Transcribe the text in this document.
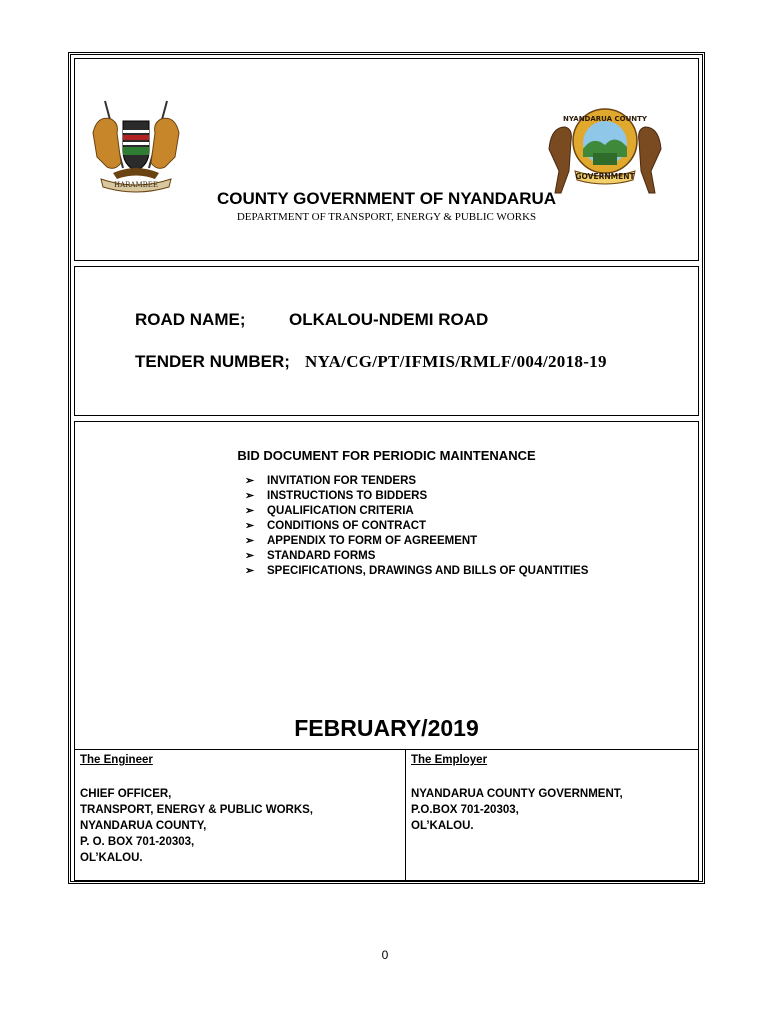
HARAMBEE
NYANDARUA COUNTY
GOVERNMENT
COUNTY GOVERNMENT OF NYANDARUA
DEPARTMENT OF TRANSPORT, ENERGY & PUBLIC WORKS
ROAD NAME;	OLKALOU-NDEMI ROAD
TENDER NUMBER; NYA/CG/PT/IFMIS/RMLF/004/2018-19
BID DOCUMENT FOR PERIODIC MAINTENANCE
➢ INVITATION FOR TENDERS
➢ INSTRUCTIONS TO BIDDERS
➢ QUALIFICATION CRITERIA
➢ CONDITIONS OF CONTRACT
➢ APPENDIX TO FORM OF AGREEMENT
➢ STANDARD FORMS
➢ SPECIFICATIONS, DRAWINGS AND BILLS OF QUANTITIES
FEBRUARY/2019
The Engineer
CHIEF OFFICER,
TRANSPORT, ENERGY & PUBLIC WORKS,
NYANDARUA COUNTY,
P. O. BOX 701-20303,
OL’KALOU.
The Employer
NYANDARUA COUNTY GOVERNMENT,
P.O.BOX 701-20303,
OL’KALOU.
0
